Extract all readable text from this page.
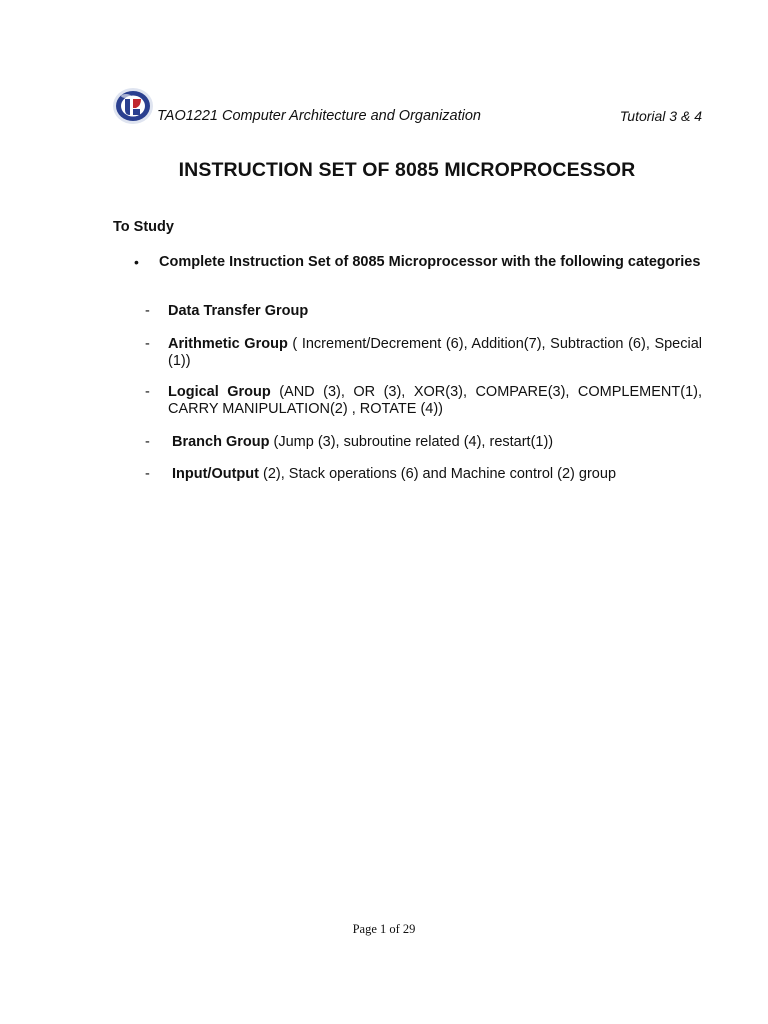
TAO1221 Computer Architecture and Organization	Tutorial 3 & 4
INSTRUCTION SET OF 8085 MICROPROCESSOR
To Study
• Complete Instruction Set of 8085 Microprocessor with the following categories
- Data Transfer Group
- Arithmetic Group ( Increment/Decrement (6), Addition(7), Subtraction (6), Special (1))
- Logical Group (AND (3), OR (3), XOR(3), COMPARE(3), COMPLEMENT(1), CARRY MANIPULATION(2) , ROTATE (4))
- Branch Group (Jump (3), subroutine related (4), restart(1))
- Input/Output (2), Stack operations (6) and Machine control (2) group
Page 1 of 29
